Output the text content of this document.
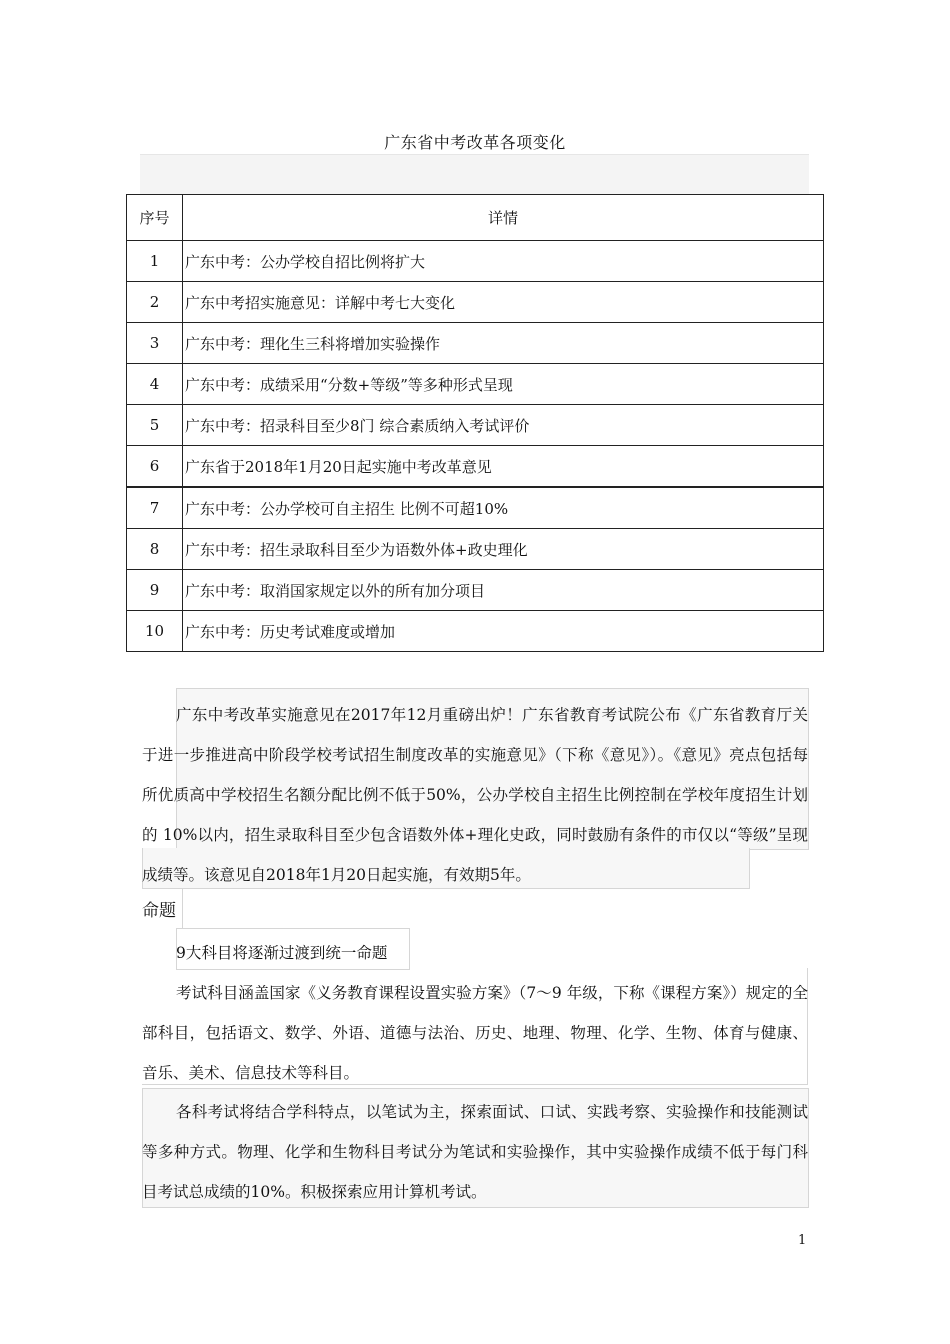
广东省中考改革各项变化
序号	详情
1	广东中考：公办学校自招比例将扩大
2	广东中考招实施意见：详解中考七大变化
3	广东中考：理化生三科将增加实验操作
4	广东中考：成绩采用“分数+等级”等多种形式呈现
5	广东中考：招录科目至少8门 综合素质纳入考试评价
6	广东省于2018年1月20日起实施中考改革意见
7	广东中考：公办学校可自主招生 比例不可超10%
8	广东中考：招生录取科目至少为语数外体+政史理化
9	广东中考：取消国家规定以外的所有加分项目
10	广东中考：历史考试难度或增加
广东中考改革实施意见在2017年12月重磅出炉！广东省教育考试院公布《广东省教育厅关于进一步推进高中阶段学校考试招生制度改革的实施意见》（下称《意见》）。《意见》亮点包括每所优质高中学校招生名额分配比例不低于50%，公办学校自主招生比例控制在学校年度招生计划的 10%以内，招生录取科目至少包含语数外体+理化史政，同时鼓励有条件的市仅以“等级”呈现成绩等。该意见自2018年1月20日起实施，有效期5年。
命题
9大科目将逐渐过渡到统一命题
考试科目涵盖国家《义务教育课程设置实验方案》（7～9 年级，下称《课程方案》）规定的全部科目，包括语文、数学、外语、道德与法治、历史、地理、物理、化学、生物、体育与健康、音乐、美术、信息技术等科目。
各科考试将结合学科特点，以笔试为主，探索面试、口试、实践考察、实验操作和技能测试等多种方式。物理、化学和生物科目考试分为笔试和实验操作，其中实验操作成绩不低于每门科目考试总成绩的10%。积极探索应用计算机考试。
1
